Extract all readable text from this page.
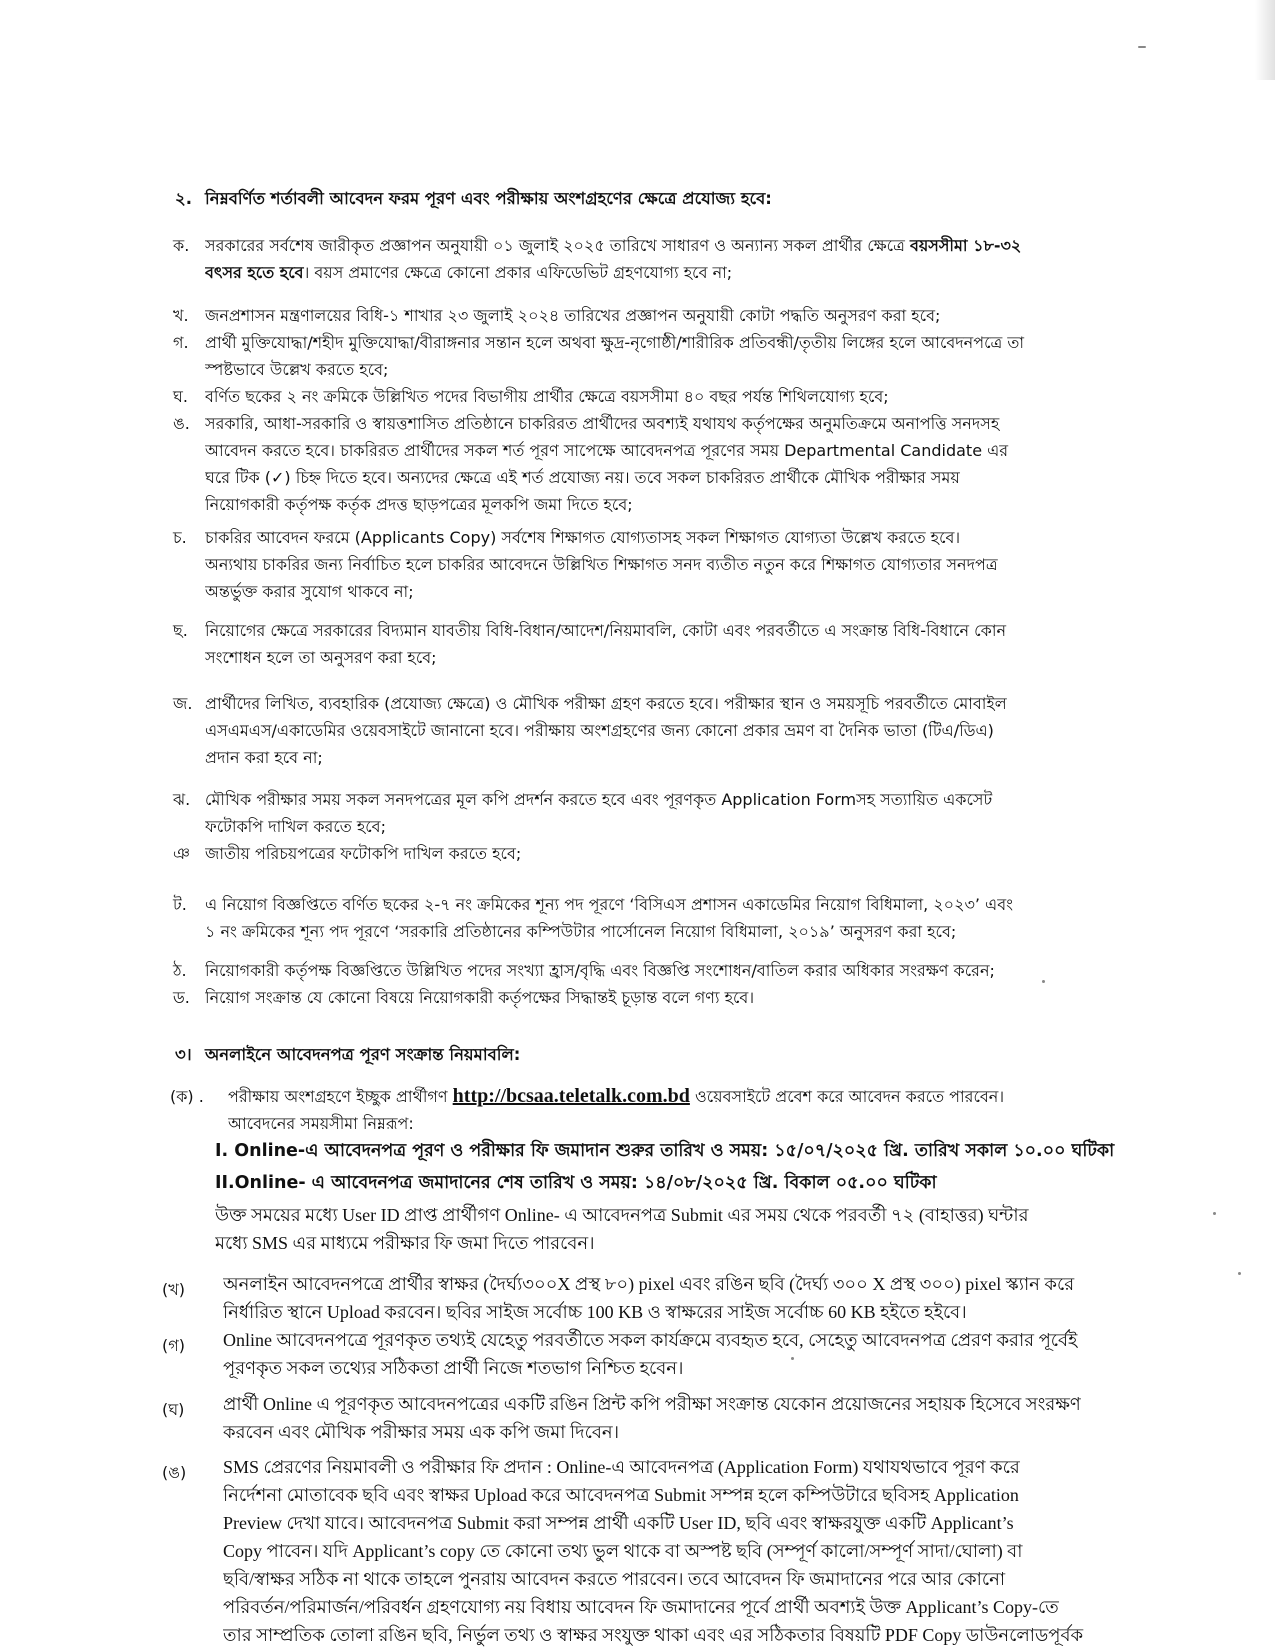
২. নিম্নবর্ণিত শর্তাবলী আবেদন ফরম পূরণ এবং পরীক্ষায় অংশগ্রহণের ক্ষেত্রে প্রযোজ্য হবে:
ক. সরকারের সর্বশেষ জারীকৃত প্রজ্ঞাপন অনুযায়ী ০১ জুলাই ২০২৫ তারিখে সাধারণ ও অন্যান্য সকল প্রার্থীর ক্ষেত্রে বয়সসীমা ১৮-৩২
বৎসর হতে হবে। বয়স প্রমাণের ক্ষেত্রে কোনো প্রকার এফিডেভিট গ্রহণযোগ্য হবে না;
খ. জনপ্রশাসন মন্ত্রণালয়ের বিধি-১ শাখার ২৩ জুলাই ২০২৪ তারিখের প্রজ্ঞাপন অনুযায়ী কোটা পদ্ধতি অনুসরণ করা হবে;
গ. প্রার্থী মুক্তিযোদ্ধা/শহীদ মুক্তিযোদ্ধা/বীরাঙ্গনার সন্তান হলে অথবা ক্ষুদ্র-নৃগোষ্ঠী/শারীরিক প্রতিবন্ধী/তৃতীয় লিঙ্গের হলে আবেদনপত্রে তা
স্পষ্টভাবে উল্লেখ করতে হবে;
ঘ. বর্ণিত ছকের ২ নং ক্রমিকে উল্লিখিত পদের বিভাগীয় প্রার্থীর ক্ষেত্রে বয়সসীমা ৪০ বছর পর্যন্ত শিথিলযোগ্য হবে;
ঙ. সরকারি, আধা-সরকারি ও স্বায়ত্তশাসিত প্রতিষ্ঠানে চাকরিরত প্রার্থীদের অবশ্যই যথাযথ কর্তৃপক্ষের অনুমতিক্রমে অনাপত্তি সনদসহ
আবেদন করতে হবে। চাকরিরত প্রার্থীদের সকল শর্ত পূরণ সাপেক্ষে আবেদনপত্র পূরণের সময় Departmental Candidate এর
ঘরে টিক (✓) চিহ্ন দিতে হবে। অন্যদের ক্ষেত্রে এই শর্ত প্রযোজ্য নয়। তবে সকল চাকরিরত প্রার্থীকে মৌখিক পরীক্ষার সময়
নিয়োগকারী কর্তৃপক্ষ কর্তৃক প্রদত্ত ছাড়পত্রের মূলকপি জমা দিতে হবে;
চ. চাকরির আবেদন ফরমে (Applicants Copy) সর্বশেষ শিক্ষাগত যোগ্যতাসহ সকল শিক্ষাগত যোগ্যতা উল্লেখ করতে হবে।
অন্যথায় চাকরির জন্য নির্বাচিত হলে চাকরির আবেদনে উল্লিখিত শিক্ষাগত সনদ ব্যতীত নতুন করে শিক্ষাগত যোগ্যতার সনদপত্র
অন্তর্ভুক্ত করার সুযোগ থাকবে না;
ছ. নিয়োগের ক্ষেত্রে সরকারের বিদ্যমান যাবতীয় বিধি-বিধান/আদেশ/নিয়মাবলি, কোটা এবং পরবর্তীতে এ সংক্রান্ত বিধি-বিধানে কোন
সংশোধন হলে তা অনুসরণ করা হবে;
জ. প্রার্থীদের লিখিত, ব্যবহারিক (প্রযোজ্য ক্ষেত্রে) ও মৌখিক পরীক্ষা গ্রহণ করতে হবে। পরীক্ষার স্থান ও সময়সূচি পরবর্তীতে মোবাইল
এসএমএস/একাডেমির ওয়েবসাইটে জানানো হবে। পরীক্ষায় অংশগ্রহণের জন্য কোনো প্রকার ভ্রমণ বা দৈনিক ভাতা (টিএ/ডিএ)
প্রদান করা হবে না;
ঝ. মৌখিক পরীক্ষার সময় সকল সনদপত্রের মূল কপি প্রদর্শন করতে হবে এবং পূরণকৃত Application Formসহ সত্যায়িত একসেট
ফটোকপি দাখিল করতে হবে;
ঞ জাতীয় পরিচয়পত্রের ফটোকপি দাখিল করতে হবে;
ট. এ নিয়োগ বিজ্ঞপ্তিতে বর্ণিত ছকের ২-৭ নং ক্রমিকের শূন্য পদ পূরণে ‘বিসিএস প্রশাসন একাডেমির নিয়োগ বিধিমালা, ২০২৩’ এবং
১ নং ক্রমিকের শূন্য পদ পূরণে ‘সরকারি প্রতিষ্ঠানের কম্পিউটার পার্সোনেল নিয়োগ বিধিমালা, ২০১৯’ অনুসরণ করা হবে;
ঠ. নিয়োগকারী কর্তৃপক্ষ বিজ্ঞপ্তিতে উল্লিখিত পদের সংখ্যা হ্রাস/বৃদ্ধি এবং বিজ্ঞপ্তি সংশোধন/বাতিল করার অধিকার সংরক্ষণ করেন;
ড. নিয়োগ সংক্রান্ত যে কোনো বিষয়ে নিয়োগকারী কর্তৃপক্ষের সিদ্ধান্তই চূড়ান্ত বলে গণ্য হবে।
৩। অনলাইনে আবেদনপত্র পূরণ সংক্রান্ত নিয়মাবলি:
(ক) . পরীক্ষায় অংশগ্রহণে ইচ্ছুক প্রার্থীগণ http://bcsaa.teletalk.com.bd ওয়েবসাইটে প্রবেশ করে আবেদন করতে পারবেন।
আবেদনের সময়সীমা নিম্নরূপ:
I. Online-এ আবেদনপত্র পূরণ ও পরীক্ষার ফি জমাদান শুরুর তারিখ ও সময়: ১৫/০৭/২০২৫ খ্রি. তারিখ সকাল ১০.০০ ঘটিকা
II.Online- এ আবেদনপত্র জমাদানের শেষ তারিখ ও সময়: ১৪/০৮/২০২৫ খ্রি. বিকাল ০৫.০০ ঘটিকা
উক্ত সময়ের মধ্যে User ID প্রাপ্ত প্রার্থীগণ Online- এ আবেদনপত্র Submit এর সময় থেকে পরবর্তী ৭২ (বাহাত্তর) ঘন্টার
মধ্যে SMS এর মাধ্যমে পরীক্ষার ফি জমা দিতে পারবেন।
(খ) অনলাইন আবেদনপত্রে প্রার্থীর স্বাক্ষর (দৈর্ঘ্য৩০০X প্রস্থ ৮০) pixel এবং রঙিন ছবি (দৈর্ঘ্য ৩০০ X প্রস্থ ৩০০) pixel স্ক্যান করে
নির্ধারিত স্থানে Upload করবেন। ছবির সাইজ সর্বোচ্চ 100 KB ও স্বাক্ষরের সাইজ সর্বোচ্চ 60 KB হইতে হইবে।
(গ) Online আবেদনপত্রে পূরণকৃত তথ্যই যেহেতু পরবর্তীতে সকল কার্যক্রমে ব্যবহৃত হবে, সেহেতু আবেদনপত্র প্রেরণ করার পূর্বেই
পূরণকৃত সকল তথ্যের সঠিকতা প্রার্থী নিজে শতভাগ নিশ্চিত হবেন।
(ঘ) প্রার্থী Online এ পূরণকৃত আবেদনপত্রের একটি রঙিন প্রিন্ট কপি পরীক্ষা সংক্রান্ত যেকোন প্রয়োজনের সহায়ক হিসেবে সংরক্ষণ
করবেন এবং মৌখিক পরীক্ষার সময় এক কপি জমা দিবেন।
(ঙ) SMS প্রেরণের নিয়মাবলী ও পরীক্ষার ফি প্রদান : Online-এ আবেদনপত্র (Application Form) যথাযথভাবে পূরণ করে
নির্দেশনা মোতাবেক ছবি এবং স্বাক্ষর Upload করে আবেদনপত্র Submit সম্পন্ন হলে কম্পিউটারে ছবিসহ Application
Preview দেখা যাবে। আবেদনপত্র Submit করা সম্পন্ন প্রার্থী একটি User ID, ছবি এবং স্বাক্ষরযুক্ত একটি Applicant’s
Copy পাবেন। যদি Applicant’s copy তে কোনো তথ্য ভুল থাকে বা অস্পষ্ট ছবি (সম্পূর্ণ কালো/সম্পূর্ণ সাদা/ঘোলা) বা
ছবি/স্বাক্ষর সঠিক না থাকে তাহলে পুনরায় আবেদন করতে পারবেন। তবে আবেদন ফি জমাদানের পরে আর কোনো
পরিবর্তন/পরিমার্জন/পরিবর্ধন গ্রহণযোগ্য নয় বিধায় আবেদন ফি জমাদানের পূর্বে প্রার্থী অবশ্যই উক্ত Applicant’s Copy-তে
তার সাম্প্রতিক তোলা রঙিন ছবি, নির্ভুল তথ্য ও স্বাক্ষর সংযুক্ত থাকা এবং এর সঠিকতার বিষয়টি PDF Copy ডাউনলোডপূর্বক
